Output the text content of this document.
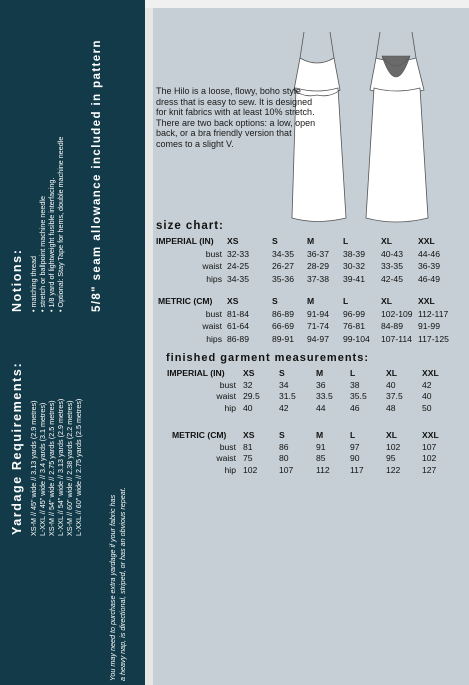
Yardage Requirements: XS-M // 45" wide // 3.13 yards (2.9 metres) L-XXL // 45" wide // 3.4 yards (3.1 metres) XS-M // 54" wide // 2.75 yards (2.5 metres) L-XXL // 54" wide // 3.13 yards (2.9 metres) XS-M // 60" wide // 2.38 yards (2.2 metres) L-XXL // 60" wide // 2.75 yards (2.5 metres)
You may need to purchase extra yardage if your fabric has a heavy nap, is directional, striped, or has an obvious repeat.
Notions: • matching thread • stretch or ballpoint machine needle • 1/8 yard of lightweight fusible interfacing. • Optional: Stay Tape for hems, double machine needle 5/8" seam allowance included in pattern	The Hilo is a loose, flowy, boho style dress that is easy to sew. It is designed for knit fabrics with at least 10% stretch. There are two back options: a low, open back, or a bra friendly version that comes to a slight V.
size chart:
IMPERIAL (IN) XS	S	M	L	XL	XXL
bust 32-33	34-35 36-37 38-39 40-43 44-46
waist 24-25	26-27 28-29 30-32 33-35 36-39
hips 34-35	35-36 37-38 39-41 42-45 46-49
METRIC (CM) XS	S	M	L	XL	XXL
bust 81-84	86-89 91-94 96-99 102-109 112-117
waist 61-64	66-69 71-74 76-81 84-89 91-99
hips 86-89	89-91 94-97 99-104 107-114 117-125
finished garment measurements:
IMPERIAL (IN) XS	S	M	L	XL	XXL
bust 32	34	36	38	40	42
waist 29.5 31.5 33.5 35.5 37.5 40
hip 40	42	44	46	48	50
METRIC (CM) XS	S	M	L	XL	XXL
bust 81	86	91	97	102	107
waist 75	80	85	90	95	102
hip 102	107	112 117	122	127
